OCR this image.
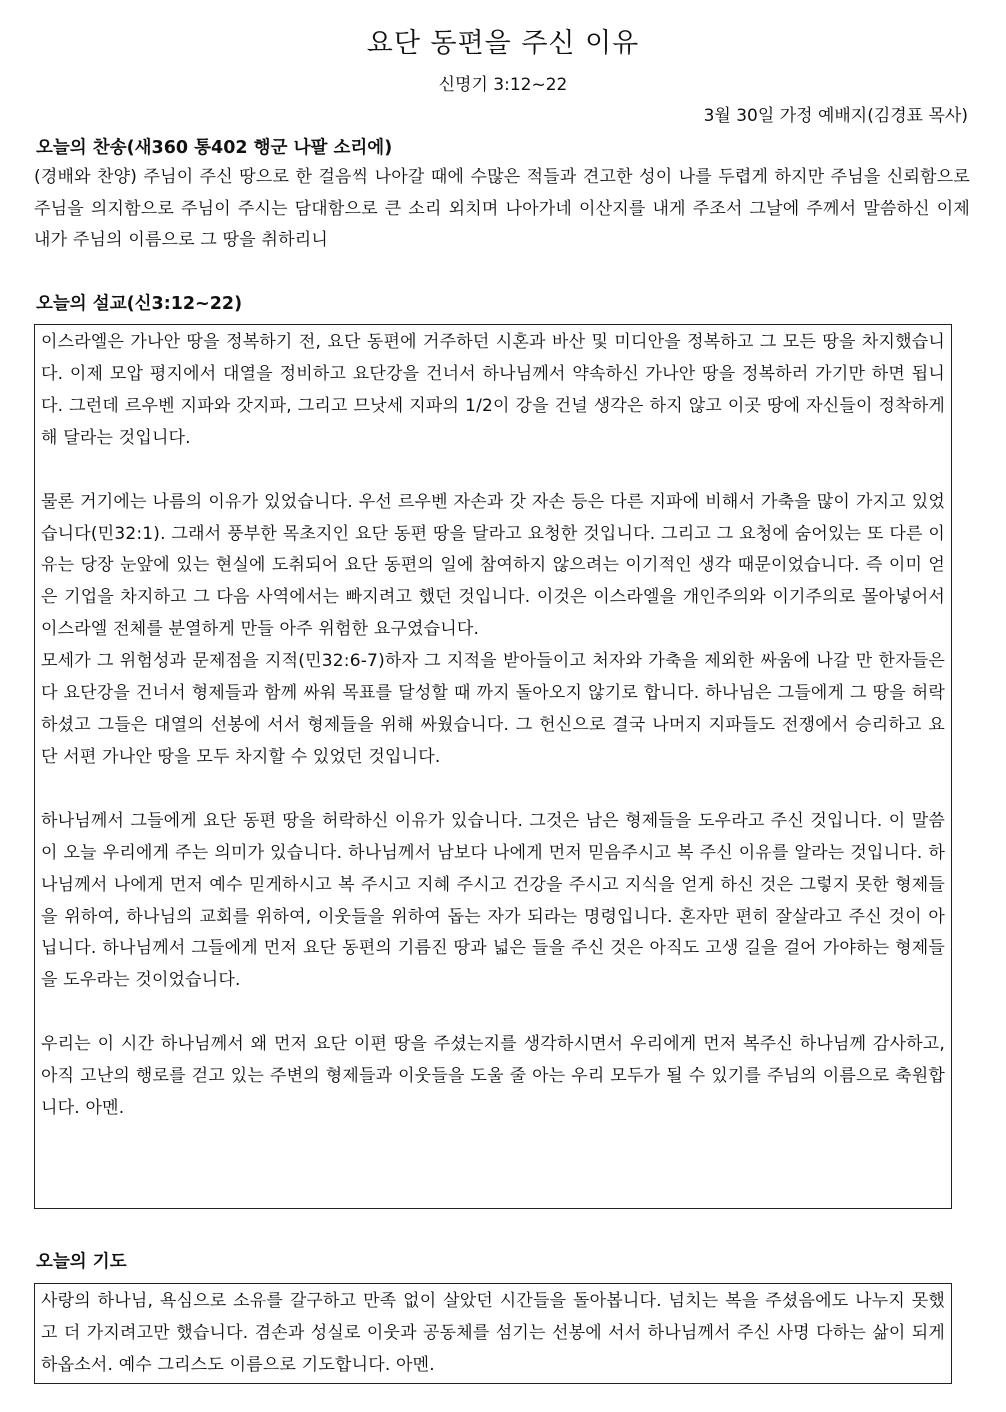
요단 동편을 주신 이유
신명기 3:12~22
3월 30일 가정 예배지(김경표 목사)
오늘의 찬송(새360 통402 행군 나팔 소리에)
(경배와 찬양) 주님이 주신 땅으로 한 걸음씩 나아갈 때에 수많은 적들과 견고한 성이 나를 두렵게 하지만 주님을 신뢰함으로 주님을 의지함으로 주님이 주시는 담대함으로 큰 소리 외치며 나아가네 이산지를 내게 주조서 그날에 주께서 말씀하신 이제 내가 주님의 이름으로 그 땅을 취하리니
오늘의 설교(신3:12~22)

이스라엘은 가나안 땅을 정복하기 전, 요단 동편에 거주하던 시혼과 바산 및 미디안을 정복하고 그 모든 땅을 차지했습니다. 이제 모압 평지에서 대열을 정비하고 요단강을 건너서 하나님께서 약속하신 가나안 땅을 정복하러 가기만 하면 됩니다. 그런데 르우벤 지파와 갓지파, 그리고 므낫세 지파의 1/2이 강을 건널 생각은 하지 않고 이곳 땅에 자신들이 정착하게 해 달라는 것입니다.

물론 거기에는 나름의 이유가 있었습니다. 우선 르우벤 자손과 갓 자손 등은 다른 지파에 비해서 가축을 많이 가지고 있었습니다(민32:1). 그래서 풍부한 목초지인 요단 동편 땅을 달라고 요청한 것입니다. 그리고 그 요청에 숨어있는 또 다른 이유는 당장 눈앞에 있는 현실에 도취되어 요단 동편의 일에 참여하지 않으려는 이기적인 생각 때문이었습니다. 즉 이미 얻은 기업을 차지하고 그 다음 사역에서는 빠지려고 했던 것입니다. 이것은 이스라엘을 개인주의와 이기주의로 몰아넣어서 이스라엘 전체를 분열하게 만들 아주 위험한 요구였습니다.

모세가 그 위험성과 문제점을 지적(민32:6-7)하자 그 지적을 받아들이고 처자와 가축을 제외한 싸움에 나갈 만 한자들은 다 요단강을 건너서 형제들과 함께 싸워 목표를 달성할 때 까지 돌아오지 않기로 합니다. 하나님은 그들에게 그 땅을 허락하셨고 그들은 대열의 선봉에 서서 형제들을 위해 싸웠습니다. 그 헌신으로 결국 나머지 지파들도 전쟁에서 승리하고 요단 서편 가나안 땅을 모두 차지할 수 있었던 것입니다.

하나님께서 그들에게 요단 동편 땅을 허락하신 이유가 있습니다. 그것은 남은 형제들을 도우라고 주신 것입니다. 이 말씀이 오늘 우리에게 주는 의미가 있습니다. 하나님께서 남보다 나에게 먼저 믿음주시고 복 주신 이유를 알라는 것입니다. 하나님께서 나에게 먼저 예수 믿게하시고 복 주시고 지혜 주시고 건강을 주시고 지식을 얻게 하신 것은 그렇지 못한 형제들을 위하여, 하나님의 교회를 위하여, 이웃들을 위하여 돕는 자가 되라는 명령입니다. 혼자만 편히 잘살라고 주신 것이 아닙니다. 하나님께서 그들에게 먼저 요단 동편의 기름진 땅과 넓은 들을 주신 것은 아직도 고생 길을 걸어 가야하는 형제들을 도우라는 것이었습니다.

우리는 이 시간 하나님께서 왜 먼저 요단 이편 땅을 주셨는지를 생각하시면서 우리에게 먼저 복주신 하나님께 감사하고, 아직 고난의 행로를 걷고 있는 주변의 형제들과 이웃들을 도울 줄 아는 우리 모두가 될 수 있기를 주님의 이름으로 축원합니다. 아멘.

오늘의 기도

사랑의 하나님, 욕심으로 소유를 갈구하고 만족 없이 살았던 시간들을 돌아봅니다. 넘치는 복을 주셨음에도 나누지 못했고 더 가지려고만 했습니다. 겸손과 성실로 이웃과 공동체를 섬기는 선봉에 서서 하나님께서 주신 사명 다하는 삶이 되게 하옵소서. 예수 그리스도 이름으로 기도합니다. 아멘.
